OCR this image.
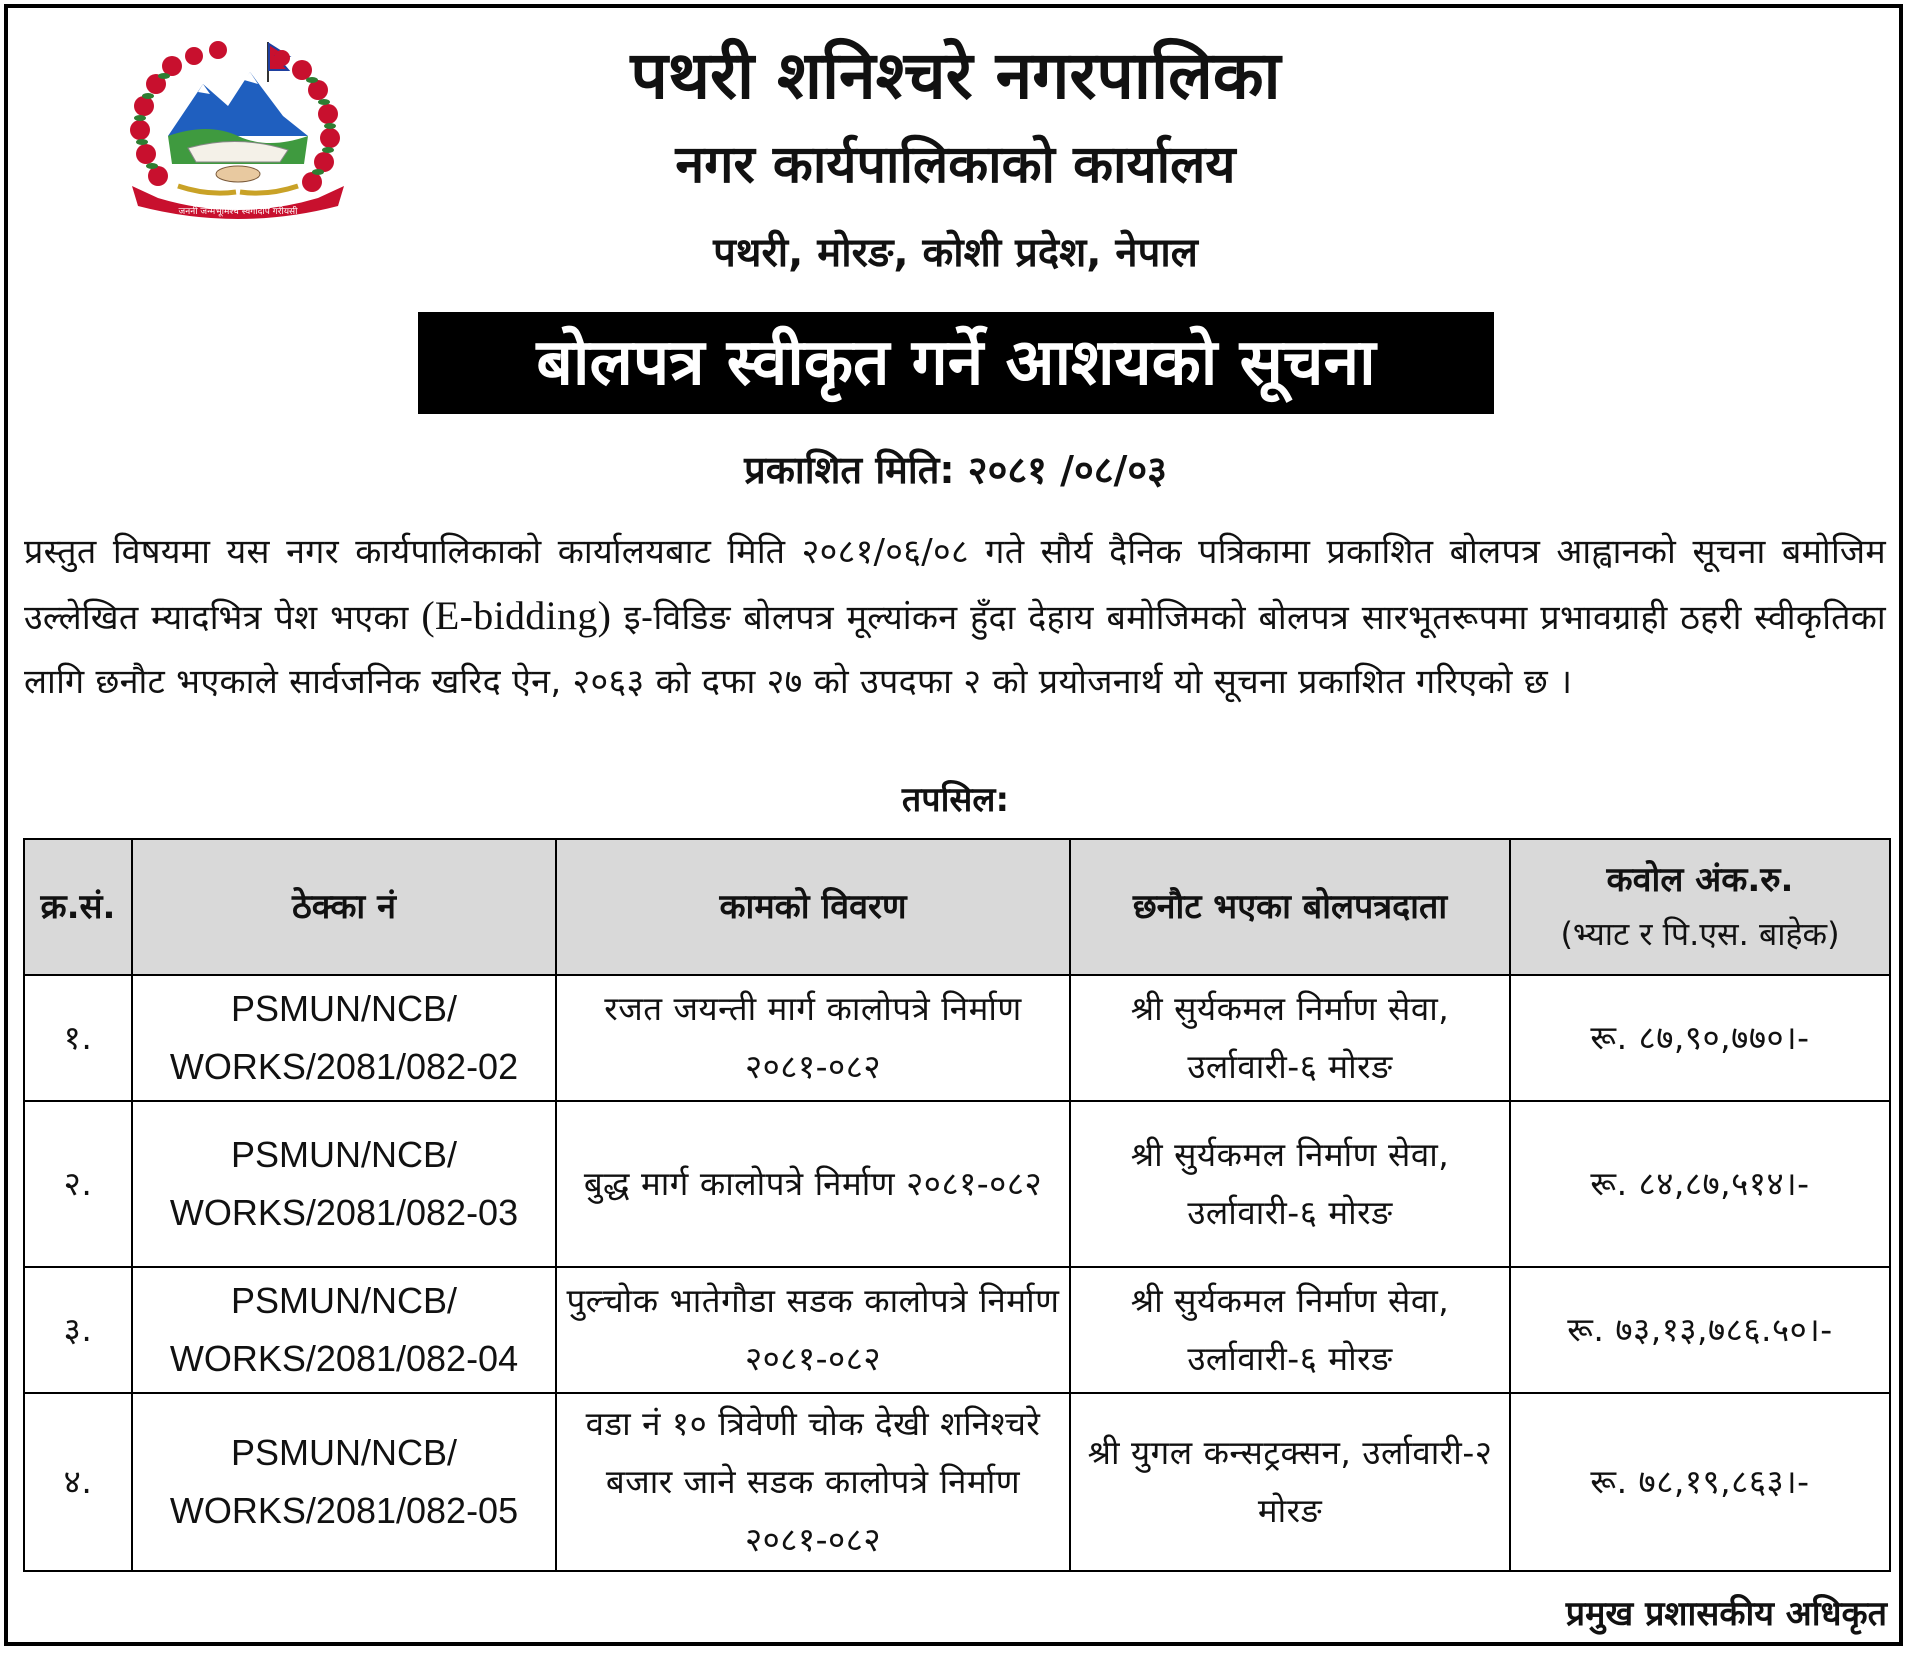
जननी जन्मभूमिश्च स्वर्गादपि गरीयसी
पथरी शनिश्चरे नगरपालिका
नगर कार्यपालिकाको कार्यालय
पथरी, मोरङ, कोशी प्रदेश, नेपाल
बोलपत्र स्वीकृत गर्ने आशयको सूचना
प्रकाशित मिति: २०८१ /०८/०३
प्रस्तुत विषयमा यस नगर कार्यपालिकाको कार्यालयबाट मिति २०८१/०६/०८ गते सौर्य दैनिक पत्रिकामा प्रकाशित बोलपत्र आह्वानको सूचना बमोजिम उल्लेखित म्यादभित्र पेश भएका (E-bidding) इ-विडिङ बोलपत्र मूल्यांकन हुँदा देहाय बमोजिमको बोलपत्र सारभूतरूपमा प्रभावग्राही ठहरी स्वीकृतिका लागि छनौट भएकाले सार्वजनिक खरिद ऐन, २०६३ को दफा २७ को उपदफा २ को प्रयोजनार्थ यो सूचना प्रकाशित गरिएको छ ।
तपसिल:
क्र.सं.	ठेक्का नं	कामको विवरण	छनौट भएका बोलपत्रदाता	कवोल अंक.रु.
(भ्याट र पि.एस. बाहेक)

१.	PSMUN/NCB/
WORKS/2081/082-02	रजत जयन्ती मार्ग कालोपत्रे निर्माण २०८१-०८२	श्री सुर्यकमल निर्माण सेवा, उर्लावारी-६ मोरङ	रू. ८७,९०,७७०।-
२.	PSMUN/NCB/
WORKS/2081/082-03	बुद्ध मार्ग कालोपत्रे निर्माण २०८१-०८२	श्री सुर्यकमल निर्माण सेवा, उर्लावारी-६ मोरङ	रू. ८४,८७,५१४।-
३.	PSMUN/NCB/
WORKS/2081/082-04	पुल्चोक भातेगौडा सडक कालोपत्रे निर्माण २०८१-०८२	श्री सुर्यकमल निर्माण सेवा, उर्लावारी-६ मोरङ	रू. ७३,१३,७८६.५०।-
४.	PSMUN/NCB/
WORKS/2081/082-05	वडा नं १० त्रिवेणी चोक देखी शनिश्चरे बजार जाने सडक कालोपत्रे निर्माण २०८१-०८२	श्री युगल कन्सट्रक्सन, उर्लावारी-२ मोरङ	रू. ७८,१९,८६३।-
प्रमुख प्रशासकीय अधिकृत
